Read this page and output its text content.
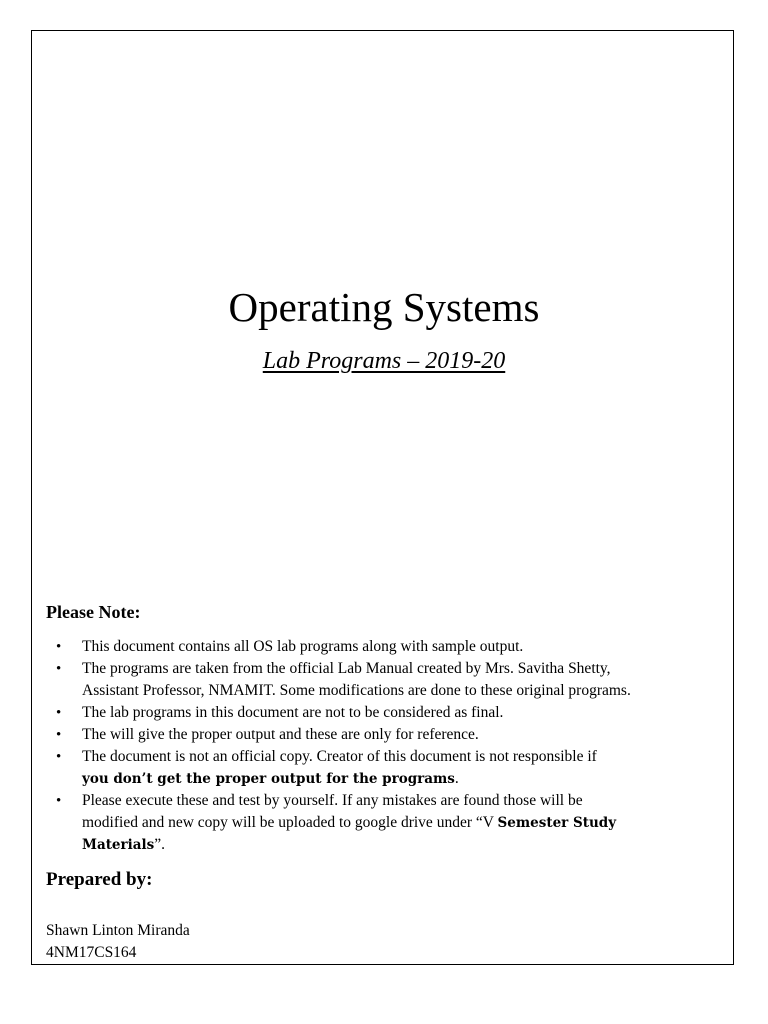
Operating Systems
Lab Programs – 2019-20
Please Note:
• This document contains all OS lab programs along with sample output.
• The programs are taken from the official Lab Manual created by Mrs. Savitha Shetty,
Assistant Professor, NMAMIT. Some modifications are done to these original programs.
• The lab programs in this document are not to be considered as final.
• The will give the proper output and these are only for reference.
• The document is not an official copy. Creator of this document is not responsible if
you don’t get the proper output for the programs.
• Please execute these and test by yourself. If any mistakes are found those will be
modified and new copy will be uploaded to google drive under “V Semester Study
Materials”.
Prepared by:
Shawn Linton Miranda
4NM17CS164
